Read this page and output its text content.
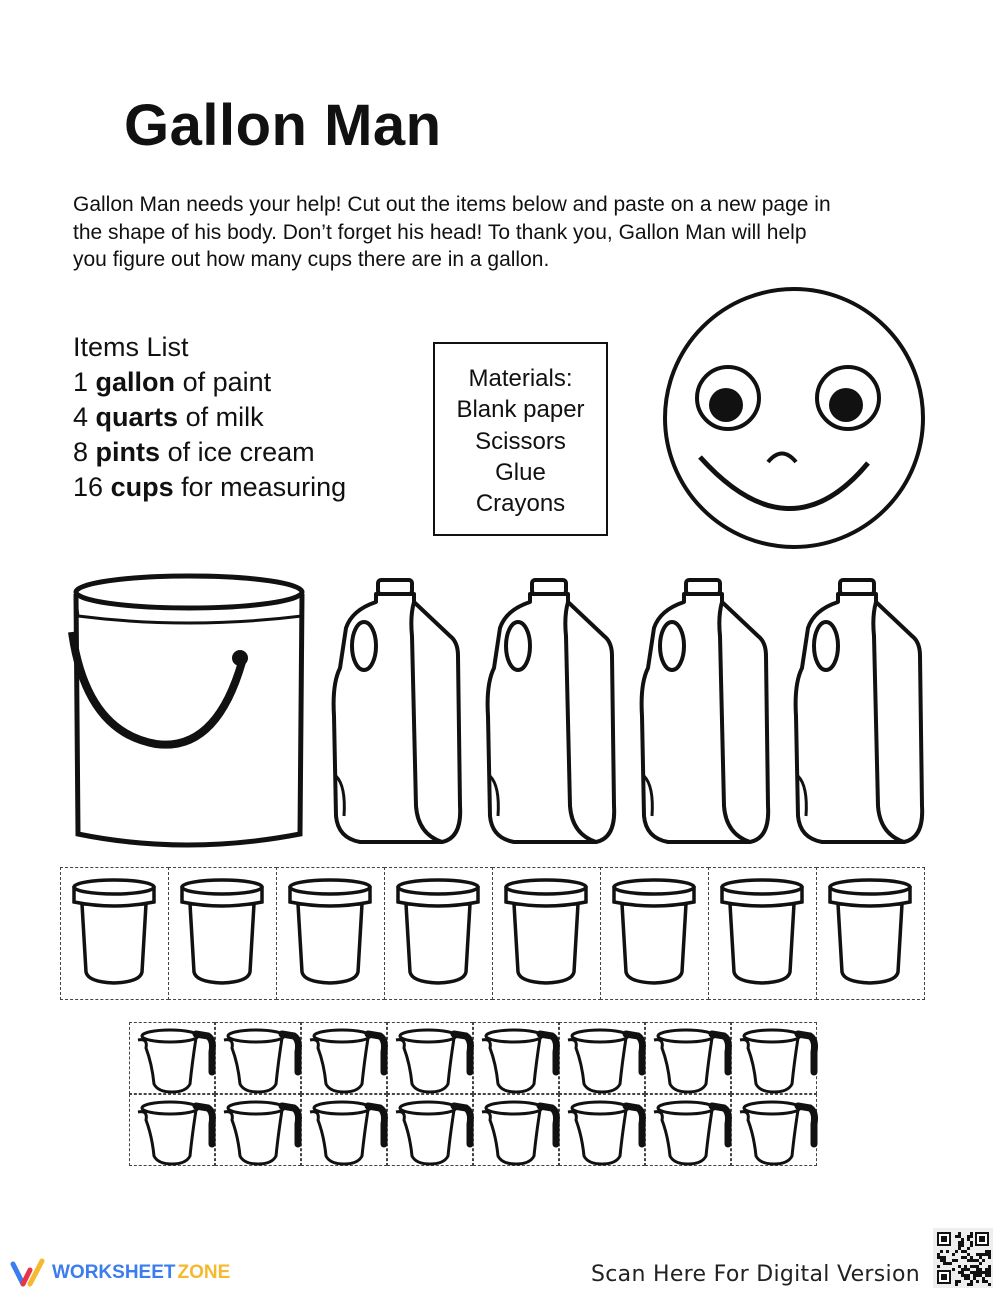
Gallon Man
Gallon Man needs your help! Cut out the items below and paste on a new page in the shape of his body. Don’t forget his head! To thank you, Gallon Man will help you figure out how many cups there are in a gallon.
Items List
1 gallon of paint
4 quarts of milk
8 pints of ice cream
16 cups for measuring
Materials:
Blank paper
Scissors
Glue
Crayons
WORKSHEET ZONE	Scan Here For Digital Version
